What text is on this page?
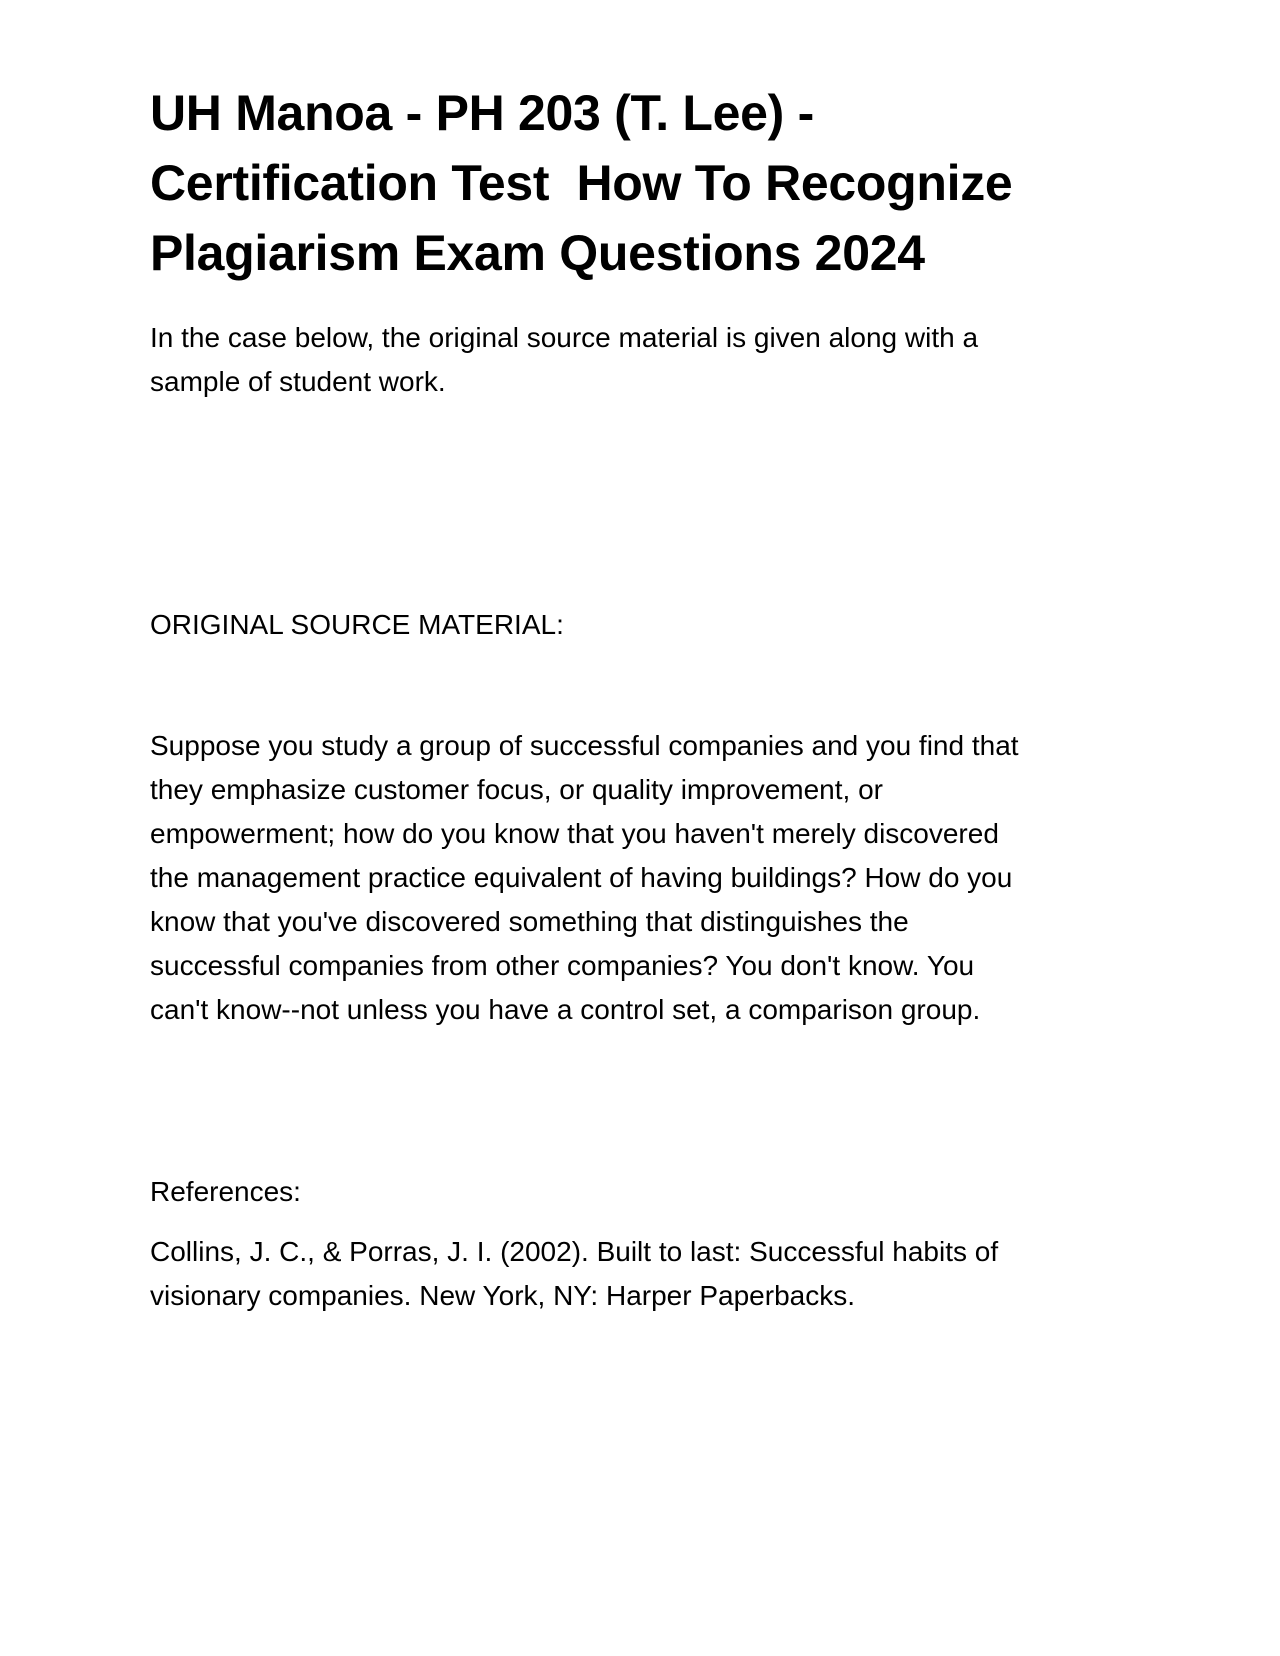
UH Manoa - PH 203 (T. Lee) -
Certification Test  How To Recognize
Plagiarism Exam Questions 2024

In the case below, the original source material is given along with a
sample of student work.

ORIGINAL SOURCE MATERIAL:

Suppose you study a group of successful companies and you find that
they emphasize customer focus, or quality improvement, or
empowerment; how do you know that you haven't merely discovered
the management practice equivalent of having buildings? How do you
know that you've discovered something that distinguishes the
successful companies from other companies? You don't know. You
can't know--not unless you have a control set, a comparison group.

References:

Collins, J. C., & Porras, J. I. (2002). Built to last: Successful habits of
visionary companies. New York, NY: Harper Paperbacks.
